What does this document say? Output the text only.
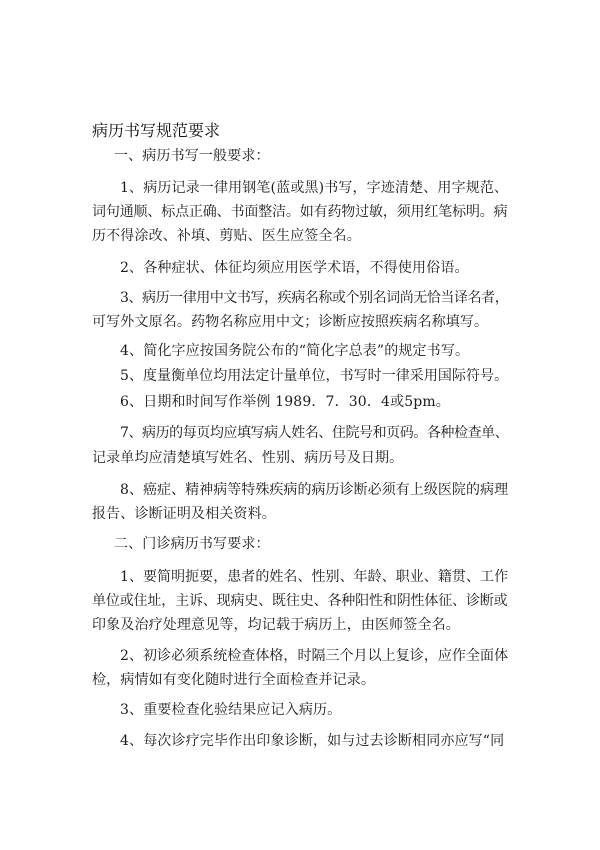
病历书写规范要求
一、病历书写一般要求：
1、病历记录一律用钢笔(蓝或黑)书写，字迹清楚、用字规范、
词句通顺、标点正确、书面整洁。如有药物过敏，须用红笔标明。病
历不得涂改、补填、剪贴、医生应签全名。
2、各种症状、体征均须应用医学术语，不得使用俗语。
3、病历一律用中文书写，疾病名称或个别名词尚无恰当译名者，
可写外文原名。药物名称应用中文；诊断应按照疾病名称填写。
4、简化字应按国务院公布的“简化字总表”的规定书写。
5、度量衡单位均用法定计量单位，书写时一律采用国际符号。
6、日期和时间写作举例 1989．7．30．4或5pm。
7、病历的每页均应填写病人姓名、住院号和页码。各种检查单、
记录单均应清楚填写姓名、性别、病历号及日期。
8、癌症、精神病等特殊疾病的病历诊断必须有上级医院的病理
报告、诊断证明及相关资料。
二、门诊病历书写要求：
1、要简明扼要，患者的姓名、性别、年龄、职业、籍贯、工作
单位或住址，主诉、现病史、既往史、各种阳性和阴性体征、诊断或
印象及治疗处理意见等，均记载于病历上，由医师签全名。
2、初诊必须系统检查体格，时隔三个月以上复诊，应作全面体
检，病情如有变化随时进行全面检查并记录。
3、重要检查化验结果应记入病历。
4、每次诊疗完毕作出印象诊断，如与过去诊断相同亦应写“同
